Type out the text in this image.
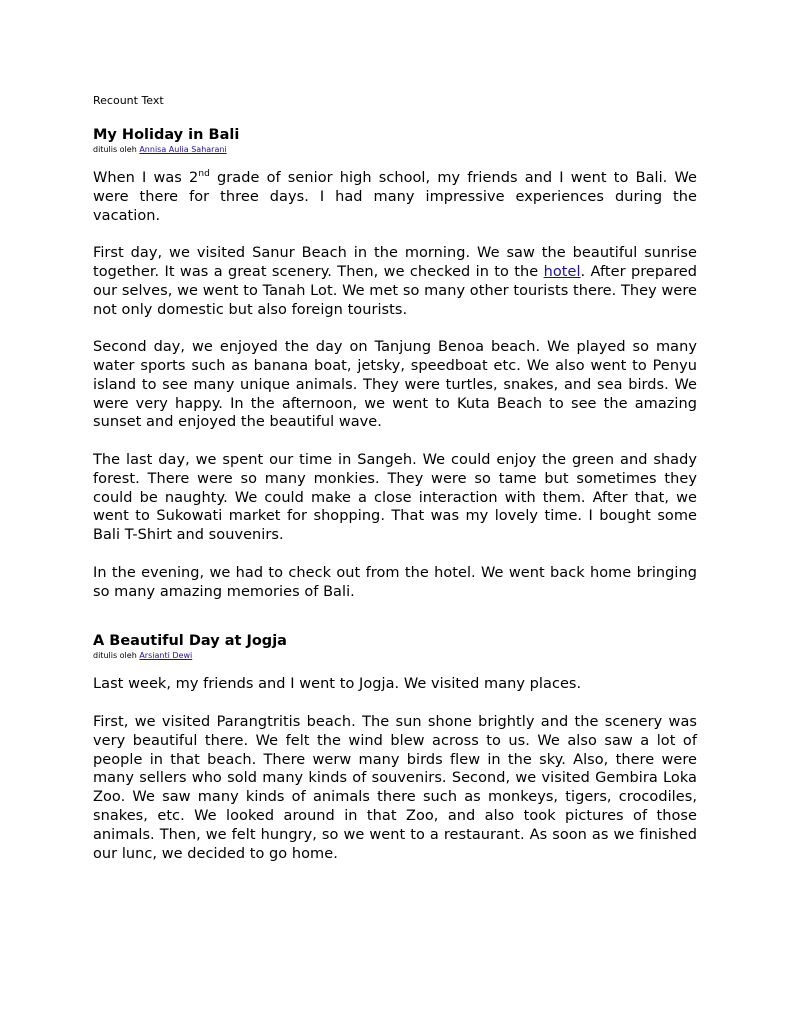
Recount Text

My Holiday in Bali

ditulis oleh Annisa Aulia Saharani

When I was 2nd grade of senior high school, my friends and I went to Bali. We were there for three days. I had many impressive experiences during the vacation.

First day, we visited Sanur Beach in the morning. We saw the beautiful sunrise together. It was a great scenery. Then, we checked in to the hotel. After prepared our selves, we went to Tanah Lot. We met so many other tourists there. They were not only domestic but also foreign tourists.

Second day, we enjoyed the day on Tanjung Benoa beach. We played so many water sports such as banana boat, jetsky, speedboat etc. We also went to Penyu island to see many unique animals. They were turtles, snakes, and sea birds. We were very happy. In the afternoon, we went to Kuta Beach to see the amazing sunset and enjoyed the beautiful wave.

The last day, we spent our time in Sangeh. We could enjoy the green and shady forest. There were so many monkies. They were so tame but sometimes they could be naughty. We could make a close interaction with them. After that, we went to Sukowati market for shopping. That was my lovely time. I bought some Bali T-Shirt and souvenirs.

In the evening, we had to check out from the hotel. We went back home bringing so many amazing memories of Bali.

A Beautiful Day at Jogja

ditulis oleh Arsianti Dewi

Last week, my friends and I went to Jogja. We visited many places.

First, we visited Parangtritis beach. The sun shone brightly and the scenery was very beautiful there. We felt the wind blew across to us. We also saw a lot of people in that beach. There werw many birds flew in the sky. Also, there were many sellers who sold many kinds of souvenirs. Second, we visited Gembira Loka Zoo. We saw many kinds of animals there such as monkeys, tigers, crocodiles, snakes, etc. We looked around in that Zoo, and also took pictures of those animals. Then, we felt hungry, so we went to a restaurant. As soon as we finished our lunc, we decided to go home.
